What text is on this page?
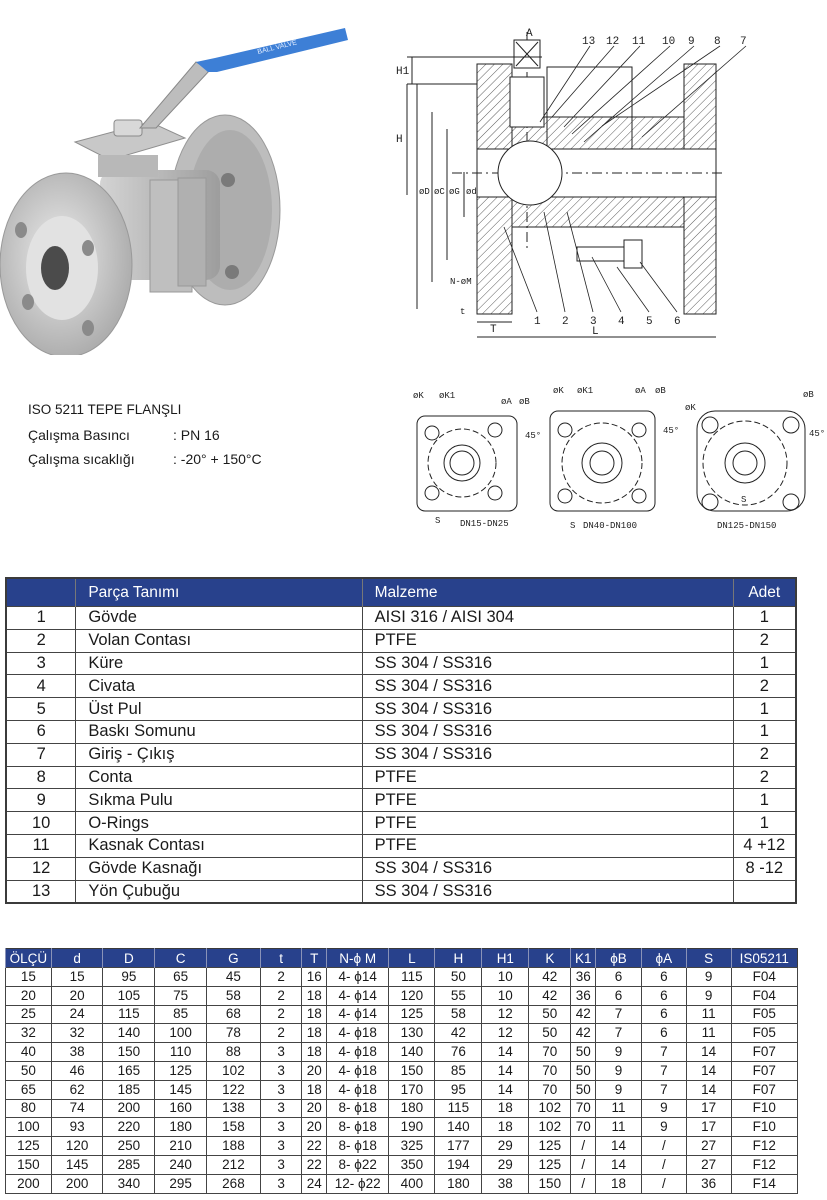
BALL VALVE
A
H1
H
øD øC øG ød
N-øM
t
T	L
13 12 11 10 9 8 7
1 2 3 4 5 6
øK øK1
øA øB
45°
S DN15-DN25
øK øK1	øA øB
45°
S DN40-DN100
øK
øB
45°
S
DN125-DN150
ISO 5211 TEPE FLANŞLI
Çalışma Basıncı	: PN 16
Çalışma sıcaklığı	: -20° + 150°C
	Parça Tanımı	Malzeme	Adet
1	Gövde	AISI 316 / AISI 304	1
2	Volan Contası	PTFE	2
3	Küre	SS 304 / SS316	1
4	Civata	SS 304 / SS316	2
5	Üst Pul	SS 304 / SS316	1
6	Baskı Somunu	SS 304 / SS316	1
7	Giriş - Çıkış	SS 304 / SS316	2
8	Conta	PTFE	2
9	Sıkma Pulu	PTFE	1
10	O-Rings	PTFE	1
11	Kasnak Contası	PTFE	4 +12
12	Gövde Kasnağı	SS 304 / SS316	8 -12
13	Yön Çubuğu	SS 304 / SS316	
ÖLÇÜ	d	D	C	G	t	T	N-ϕ M	L	H	H1	K	K1	ϕB	ϕA	S	IS05211
15	15	95	65	45	2	16	4- ϕ14	115	50	10	42	36	6	6	9	F04
20	20	105	75	58	2	18	4- ϕ14	120	55	10	42	36	6	6	9	F04
25	24	115	85	68	2	18	4- ϕ14	125	58	12	50	42	7	6	11	F05
32	32	140	100	78	2	18	4- ϕ18	130	42	12	50	42	7	6	11	F05
40	38	150	110	88	3	18	4- ϕ18	140	76	14	70	50	9	7	14	F07
50	46	165	125	102	3	20	4- ϕ18	150	85	14	70	50	9	7	14	F07
65	62	185	145	122	3	18	4- ϕ18	170	95	14	70	50	9	7	14	F07
80	74	200	160	138	3	20	8- ϕ18	180	115	18	102	70	11	9	17	F10
100	93	220	180	158	3	20	8- ϕ18	190	140	18	102	70	11	9	17	F10
125	120	250	210	188	3	22	8- ϕ18	325	177	29	125	/	14	/	27	F12
150	145	285	240	212	3	22	8- ϕ22	350	194	29	125	/	14	/	27	F12
200	200	340	295	268	3	24	12- ϕ22	400	180	38	150	/	18	/	36	F14
